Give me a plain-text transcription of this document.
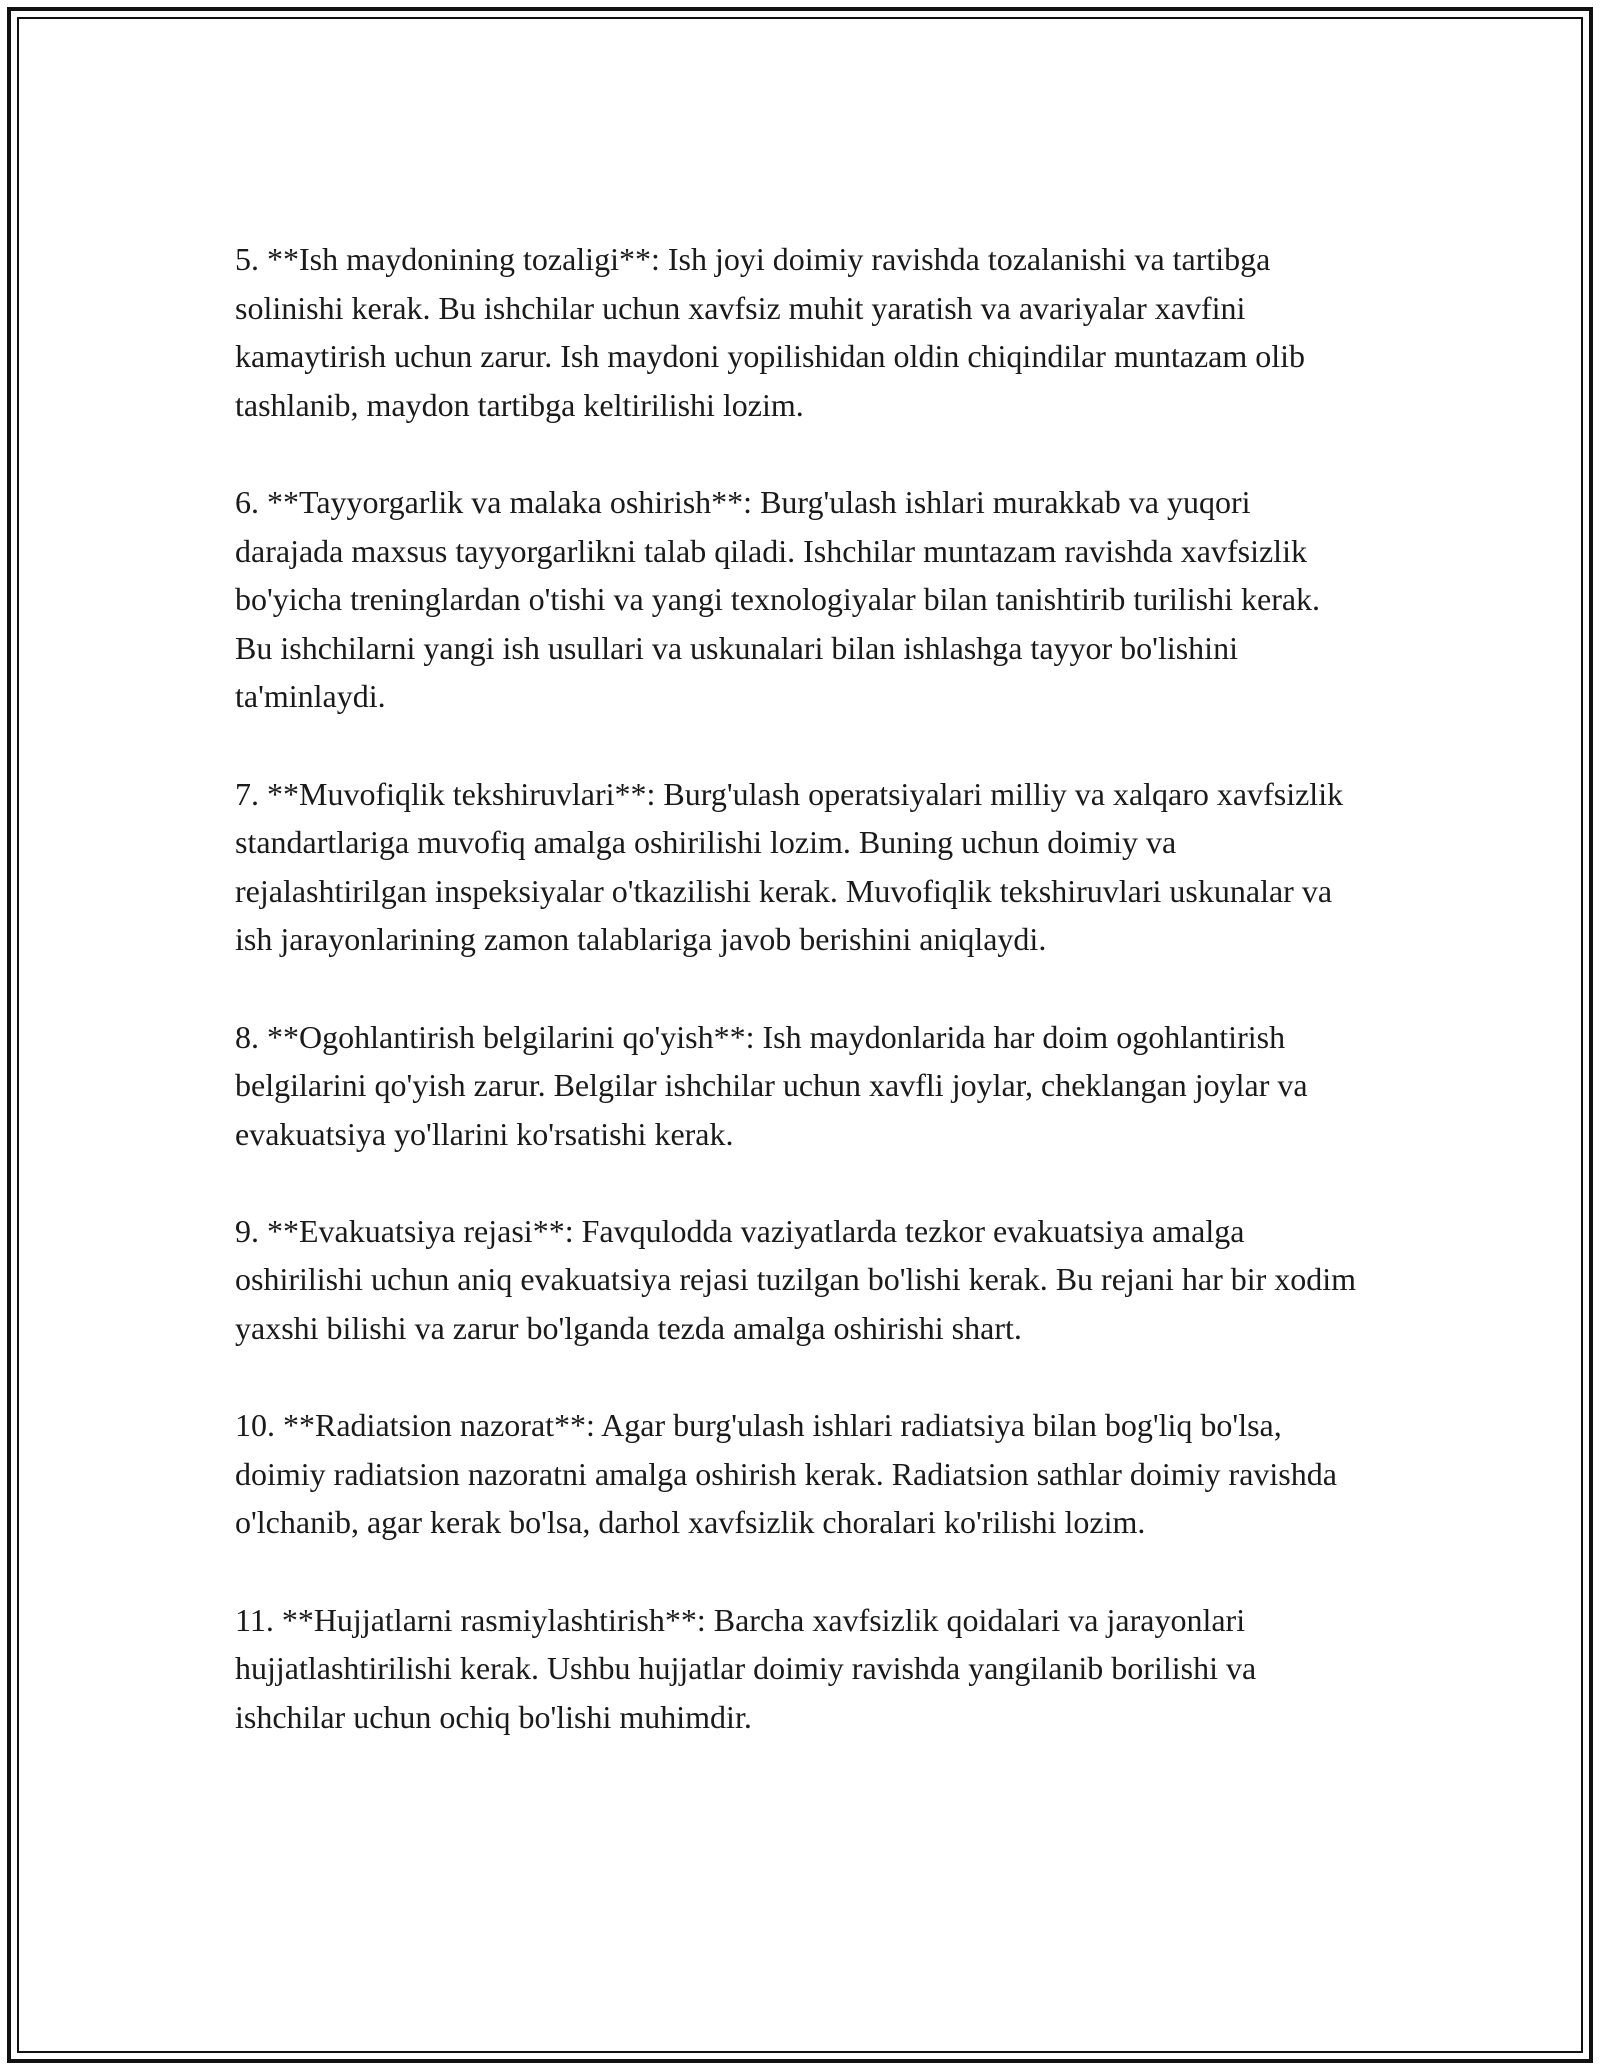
5. **Ish maydonining tozaligi**: Ish joyi doimiy ravishda tozalanishi va tartibga solinishi kerak. Bu ishchilar uchun xavfsiz muhit yaratish va avariyalar xavfini kamaytirish uchun zarur. Ish maydoni yopilishidan oldin chiqindilar muntazam olib tashlanib, maydon tartibga keltirilishi lozim.

6. **Tayyorgarlik va malaka oshirish**: Burg'ulash ishlari murakkab va yuqori darajada maxsus tayyorgarlikni talab qiladi. Ishchilar muntazam ravishda xavfsizlik bo'yicha treninglardan o'tishi va yangi texnologiyalar bilan tanishtirib turilishi kerak. Bu ishchilarni yangi ish usullari va uskunalari bilan ishlashga tayyor bo'lishini ta'minlaydi.

7. **Muvofiqlik tekshiruvlari**: Burg'ulash operatsiyalari milliy va xalqaro xavfsizlik standartlariga muvofiq amalga oshirilishi lozim. Buning uchun doimiy va rejalashtirilgan inspeksiyalar o'tkazilishi kerak. Muvofiqlik tekshiruvlari uskunalar va ish jarayonlarining zamon talablariga javob berishini aniqlaydi.

8. **Ogohlantirish belgilarini qo'yish**: Ish maydonlarida har doim ogohlantirish belgilarini qo'yish zarur. Belgilar ishchilar uchun xavfli joylar, cheklangan joylar va evakuatsiya yo'llarini ko'rsatishi kerak.

9. **Evakuatsiya rejasi**: Favqulodda vaziyatlarda tezkor evakuatsiya amalga oshirilishi uchun aniq evakuatsiya rejasi tuzilgan bo'lishi kerak. Bu rejani har bir xodim yaxshi bilishi va zarur bo'lganda tezda amalga oshirishi shart.

10. **Radiatsion nazorat**: Agar burg'ulash ishlari radiatsiya bilan bog'liq bo'lsa, doimiy radiatsion nazoratni amalga oshirish kerak. Radiatsion sathlar doimiy ravishda o'lchanib, agar kerak bo'lsa, darhol xavfsizlik choralari ko'rilishi lozim.

11. **Hujjatlarni rasmiylashtirish**: Barcha xavfsizlik qoidalari va jarayonlari hujjatlashtirilishi kerak. Ushbu hujjatlar doimiy ravishda yangilanib borilishi va ishchilar uchun ochiq bo'lishi muhimdir.
